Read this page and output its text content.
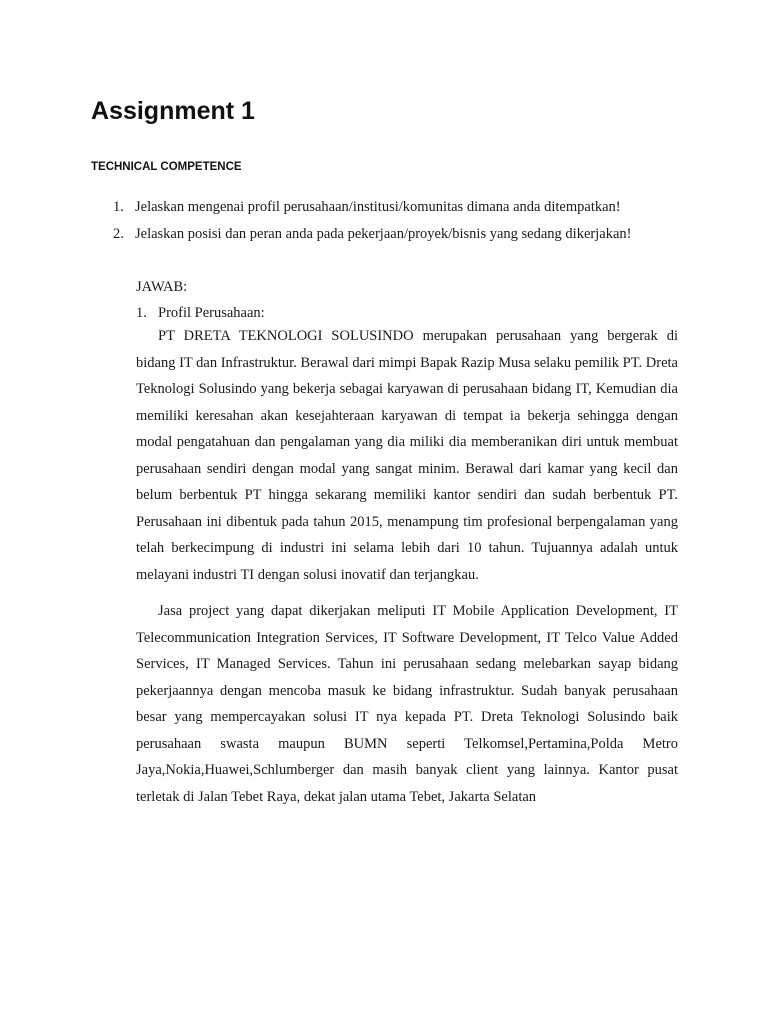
Assignment 1
TECHNICAL COMPETENCE
1. Jelaskan mengenai profil perusahaan/institusi/komunitas dimana anda ditempatkan!
2. Jelaskan posisi dan peran anda pada pekerjaan/proyek/bisnis yang sedang dikerjakan!
JAWAB:
1. Profil Perusahaan:

PT DRETA TEKNOLOGI SOLUSINDO merupakan perusahaan yang bergerak di bidang IT dan Infrastruktur. Berawal dari mimpi Bapak Razip Musa selaku pemilik PT. Dreta Teknologi Solusindo yang bekerja sebagai karyawan di perusahaan bidang IT, Kemudian dia memiliki keresahan akan kesejahteraan karyawan di tempat ia bekerja sehingga dengan modal pengatahuan dan pengalaman yang dia miliki dia memberanikan diri untuk membuat perusahaan sendiri dengan modal yang sangat minim. Berawal dari kamar yang kecil dan belum berbentuk PT hingga sekarang memiliki kantor sendiri dan sudah berbentuk PT. Perusahaan ini dibentuk pada tahun 2015, menampung tim profesional berpengalaman yang telah berkecimpung di industri ini selama lebih dari 10 tahun. Tujuannya adalah untuk melayani industri TI dengan solusi inovatif dan terjangkau.

Jasa project yang dapat dikerjakan meliputi IT Mobile Application Development, IT Telecommunication Integration Services, IT Software Development, IT Telco Value Added Services, IT Managed Services. Tahun ini perusahaan sedang melebarkan sayap bidang pekerjaannya dengan mencoba masuk ke bidang infrastruktur. Sudah banyak perusahaan besar yang mempercayakan solusi IT nya kepada PT. Dreta Teknologi Solusindo baik perusahaan swasta maupun BUMN seperti Telkomsel,Pertamina,Polda Metro Jaya,Nokia,Huawei,Schlumberger dan masih banyak client yang lainnya. Kantor pusat terletak di Jalan Tebet Raya, dekat jalan utama Tebet, Jakarta Selatan
